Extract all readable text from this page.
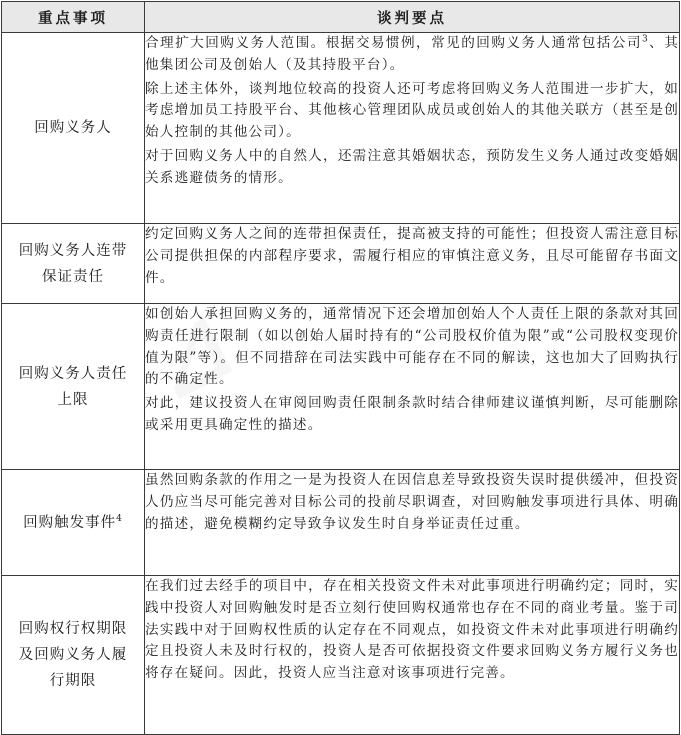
重点事项	谈判要点
回购义务人	合理扩大回购义务人范围。根据交易惯例，常见的回购义务人通常包括公司$^3$、其他集团公司及创始人（及其持股平台）。

除上述主体外，谈判地位较高的投资人还可考虑将回购义务人范围进一步扩大，如考虑增加员工持股平台、其他核心管理团队成员或创始人的其他关联方（甚至是创始人控制的其他公司）。

对于回购义务人中的自然人，还需注意其婚姻状态，预防发生义务人通过改变婚姻关系逃避债务的情形。

回购义务人连带保证责任	约定回购义务人之间的连带担保责任，提高被支持的可能性；但投资人需注意目标公司提供担保的内部程序要求，需履行相应的审慎注意义务，且尽可能留存书面文件。

回购义务人责任上限	如创始人承担回购义务的，通常情况下还会增加创始人个人责任上限的条款对其回购责任进行限制（如以创始人届时持有的“公司股权价值为限”或“公司股权变现价值为限”等）。但不同措辞在司法实践中可能存在不同的解读，这也加大了回购执行的不确定性。

对此，建议投资人在审阅回购责任限制条款时结合律师建议谨慎判断，尽可能删除或采用更具确定性的描述。

回购触发事件$^4$	虽然回购条款的作用之一是为投资人在因信息差导致投资失误时提供缓冲，但投资人仍应当尽可能完善对目标公司的投前尽职调查，对回购触发事项进行具体、明确的描述，避免模糊约定导致争议发生时自身举证责任过重。

回购权行权期限及回购义务人履行期限	在我们过去经手的项目中，存在相关投资文件未对此事项进行明确约定；同时，实践中投资人对回购触发时是否立刻行使回购权通常也存在不同的商业考量。鉴于司法实践中对于回购权性质的认定存在不同观点，如投资文件未对此事项进行明确约定且投资人未及时行权的，投资人是否可依据投资文件要求回购义务方履行义务也将存在疑问。因此，投资人应当注意对该事项进行完善。
